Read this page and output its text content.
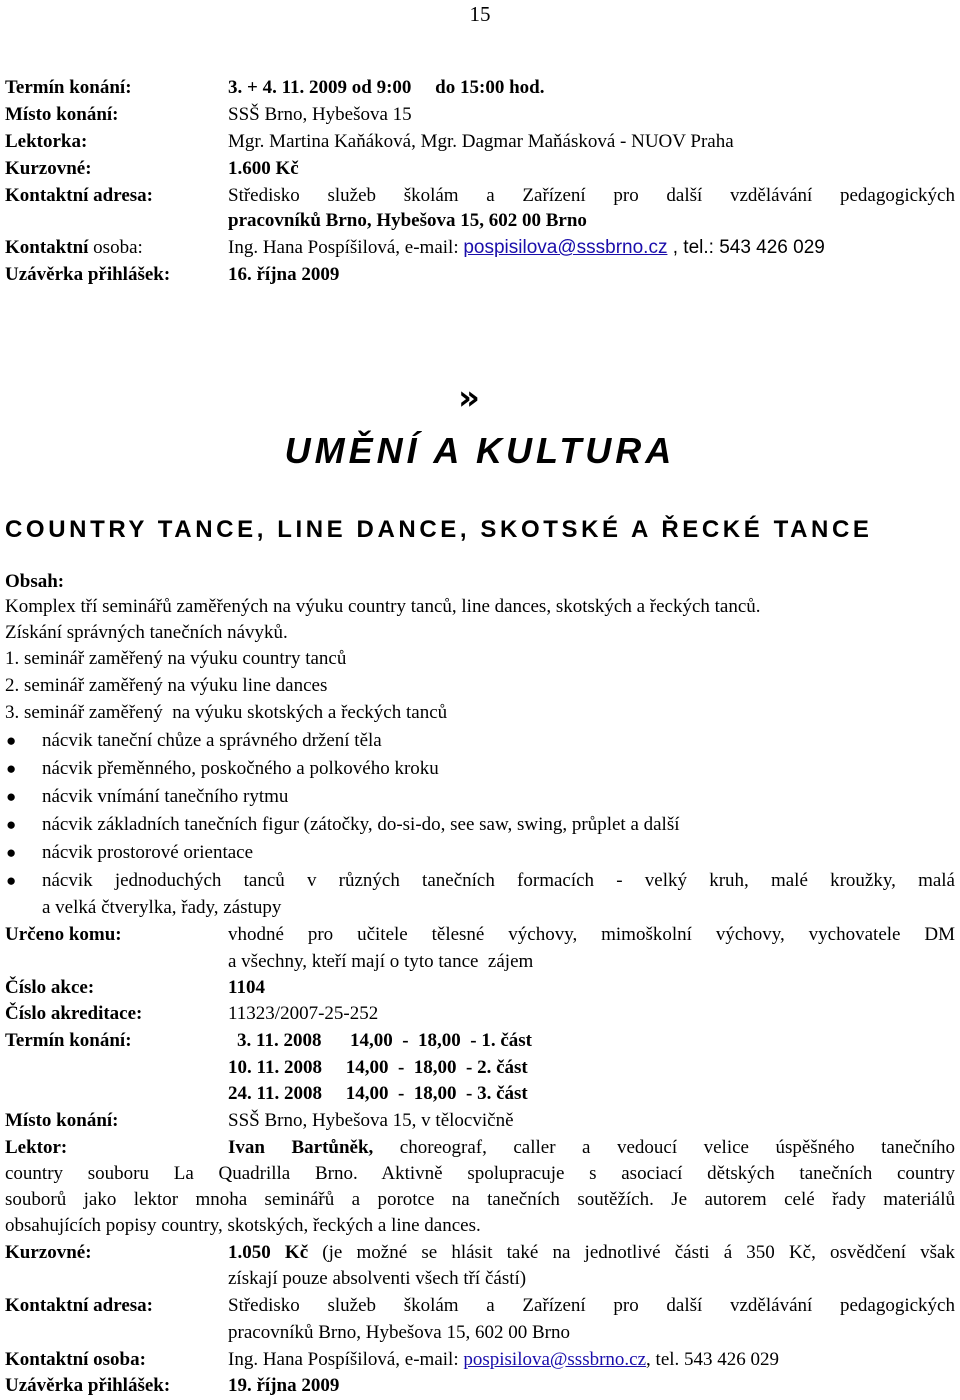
15
Termín konání:	3. + 4. 11. 2009 od 9:00     do 15:00 hod.
Místo konání:	SSŠ Brno, Hybešova 15
Lektorka:	Mgr. Martina Kaňáková, Mgr. Dagmar Maňásková - NUOV Praha
Kurzovné:	1.600 Kč
Kontaktní adresa:	Středisko služeb školám a Zařízení pro další vzdělávání pedagogických
pracovníků Brno, Hybešova 15, 602 00 Brno
Kontaktní osoba:	Ing. Hana Pospíšilová, e-mail: pospisilova@sssbrno.cz , tel.: 543 426 029
Uzávěrka přihlášek:	16. října 2009
»
UMĚNÍ A KULTURA
COUNTRY TANCE, LINE DANCE, SKOTSKÉ A ŘECKÉ TANCE
Obsah:
Komplex tří seminářů zaměřených na výuku country tanců, line dances, skotských a řeckých tanců.
Získání správných tanečních návyků.
1. seminář zaměřený na výuku country tanců
2. seminář zaměřený na výuku line dances
3. seminář zaměřený  na výuku skotských a řeckých tanců
● nácvik taneční chůze a správného držení těla
● nácvik přeměnného, poskočného a polkového kroku
● nácvik vnímání tanečního rytmu
● nácvik základních tanečních figur (zátočky, do-si-do, see saw, swing, průplet a další
● nácvik prostorové orientace
● nácvik jednoduchých tanců v různých tanečních formacích - velký kruh, malé kroužky, malá
a velká čtverylka, řady, zástupy
Určeno komu:	vhodné pro učitele tělesné výchovy, mimoškolní výchovy, vychovatele DM
a všechny, kteří mají o tyto tance  zájem
Číslo akce:	1104
Číslo akreditace:	11323/2007-25-252
Termín konání:	3. 11. 2008      14,00  -  18,00  - 1. část
10. 11. 2008     14,00  -  18,00  - 2. část
24. 11. 2008     14,00  -  18,00  - 3. část
Místo konání:	SSŠ Brno, Hybešova 15, v tělocvičně
Lektor:	Ivan Bartůněk, choreograf, caller a vedoucí velice úspěšného tanečního
country souboru La Quadrilla Brno. Aktivně spolupracuje s asociací dětských tanečních country
souborů jako lektor mnoha seminářů a porotce na tanečních soutěžích. Je autorem celé řady materiálů
obsahujících popisy country, skotských, řeckých a line dances.
Kurzovné:	1.050 Kč (je možné se hlásit také na jednotlivé části á 350 Kč, osvědčení však
získají pouze absolventi všech tří částí)
Kontaktní adresa:	Středisko služeb školám a Zařízení pro další vzdělávání pedagogických
pracovníků Brno, Hybešova 15, 602 00 Brno
Kontaktní osoba:	Ing. Hana Pospíšilová, e-mail: pospisilova@sssbrno.cz, tel. 543 426 029
Uzávěrka přihlášek:	19. října 2009
